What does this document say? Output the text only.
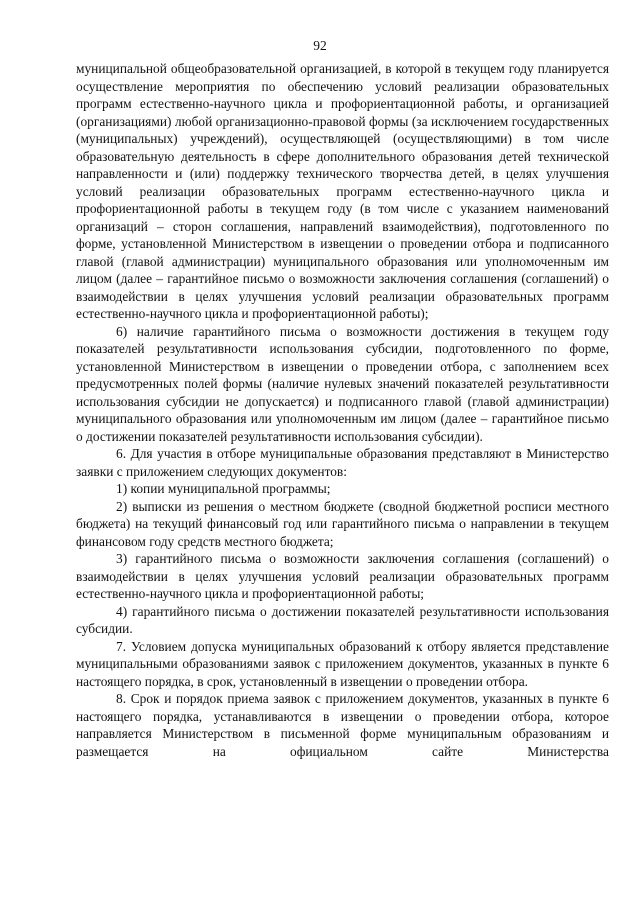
92

муниципальной общеобразовательной организацией, в которой в текущем году планируется осуществление мероприятия по обеспечению условий реализации образовательных программ естественно-научного цикла и профориентационной работы, и организацией (организациями) любой организационно-правовой формы (за исключением государственных (муниципальных) учреждений), осуществляющей (осуществляющими) в том числе образовательную деятельность в сфере дополнительного образования детей технической направленности и (или) поддержку технического творчества детей, в целях улучшения условий реализации образовательных программ естественно-научного цикла и профориентационной работы в текущем году (в том числе с указанием наименований организаций – сторон соглашения, направлений взаимодействия), подготовленного по форме, установленной Министерством в извещении о проведении отбора и подписанного главой (главой администрации) муниципального образования или уполномоченным им лицом (далее – гарантийное письмо о возможности заключения соглашения (соглашений) о взаимодействии в целях улучшения условий реализации образовательных программ естественно-научного цикла и профориентационной работы);

6) наличие гарантийного письма о возможности достижения в текущем году показателей результативности использования субсидии, подготовленного по форме, установленной Министерством в извещении о проведении отбора, с заполнением всех предусмотренных полей формы (наличие нулевых значений показателей результативности использования субсидии не допускается) и подписанного главой (главой администрации) муниципального образования или уполномоченным им лицом (далее – гарантийное письмо о достижении показателей результативности использования субсидии).

6. Для участия в отборе муниципальные образования представляют в Министерство заявки с приложением следующих документов:

1) копии муниципальной программы;

2) выписки из решения о местном бюджете (сводной бюджетной росписи местного бюджета) на текущий финансовый год или гарантийного письма о направлении в текущем финансовом году средств местного бюджета;

3) гарантийного письма о возможности заключения соглашения (соглашений) о взаимодействии в целях улучшения условий реализации образовательных программ естественно-научного цикла и профориентационной работы;

4) гарантийного письма о достижении показателей результативности использования субсидии.

7. Условием допуска муниципальных образований к отбору является представление муниципальными образованиями заявок с приложением документов, указанных в пункте 6 настоящего порядка, в срок, установленный в извещении о проведении отбора.

8. Срок и порядок приема заявок с приложением документов, указанных в пункте 6 настоящего порядка, устанавливаются в извещении о проведении отбора, которое направляется Министерством в письменной форме муниципальным образованиям и размещается на официальном сайте Министерства
